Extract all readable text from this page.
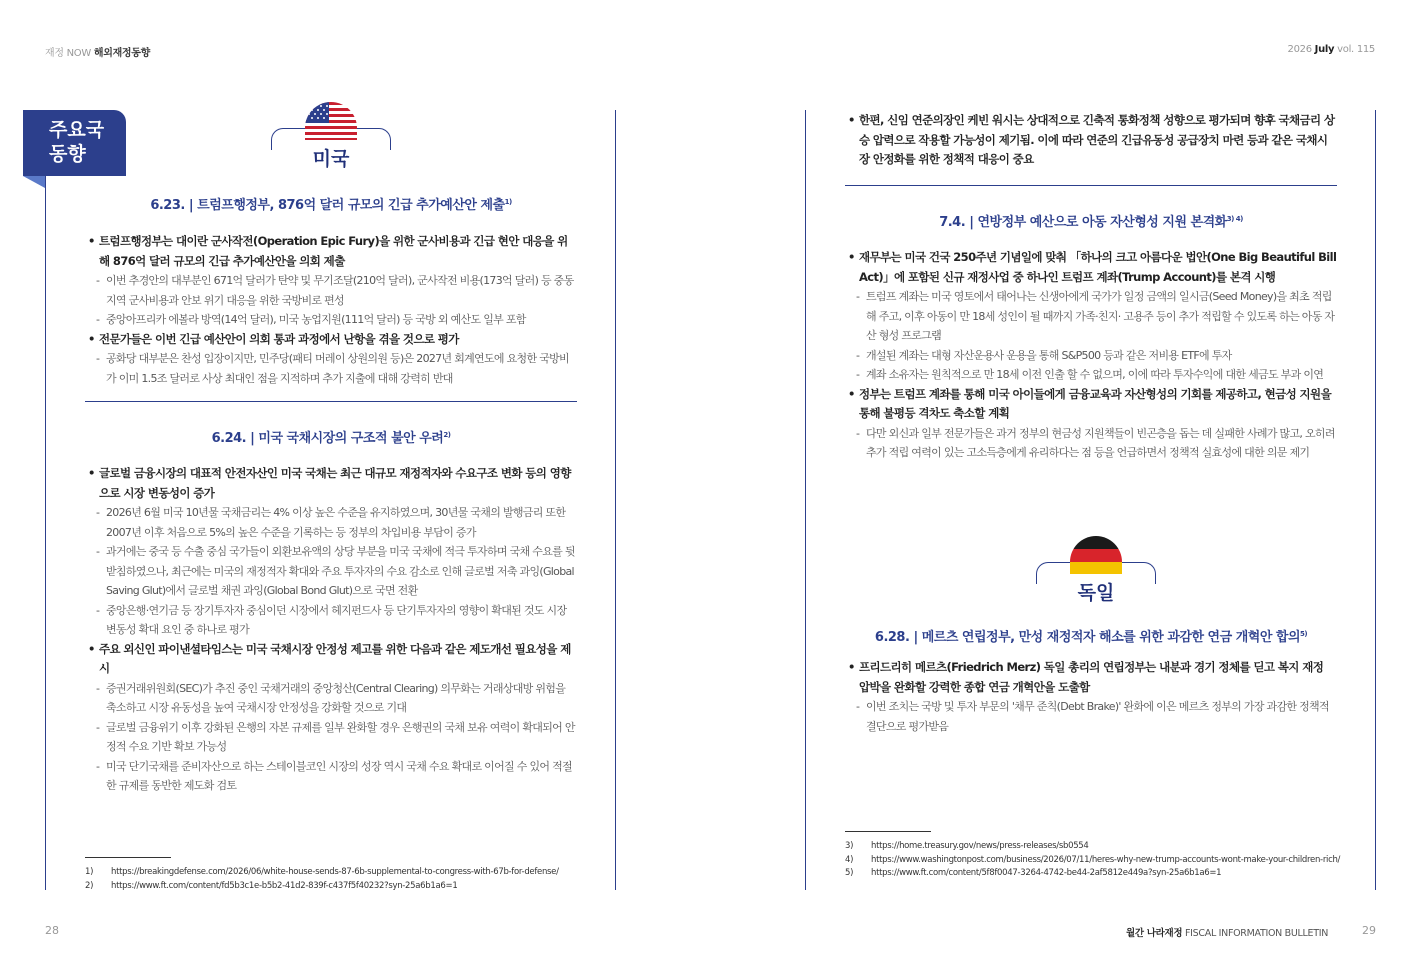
재정 NOW 해외재정동향	2026 July vol. 115
주요국
동향	미국
6.23. | 트럼프행정부, 876억 달러 규모의 긴급 추가예산안 제출$^{1)}$

• 트럼프행정부는 대이란 군사작전(Operation Epic Fury)을 위한 군사비용과 긴급 현안 대응을 위해 876억 달러 규모의 긴급 추가예산안을 의회 제출

- 이번 추경안의 대부분인 671억 달러가 탄약 및 무기조달(210억 달러), 군사작전 비용(173억 달러) 등 중동 지역 군사비용과 안보 위기 대응을 위한 국방비로 편성

- 중앙아프리카 에볼라 방역(14억 달러), 미국 농업지원(111억 달러) 등 국방 외 예산도 일부 포함

• 전문가들은 이번 긴급 예산안이 의회 통과 과정에서 난항을 겪을 것으로 평가

- 공화당 대부분은 찬성 입장이지만, 민주당(패티 머레이 상원의원 등)은 2027년 회계연도에 요청한 국방비가 이미 1.5조 달러로 사상 최대인 점을 지적하며 추가 지출에 대해 강력히 반대

6.24. | 미국 국채시장의 구조적 불안 우려$^{2)}$

• 글로벌 금융시장의 대표적 안전자산인 미국 국채는 최근 대규모 재정적자와 수요구조 변화 등의 영향으로 시장 변동성이 증가

- 2026년 6월 미국 10년물 국채금리는 4% 이상 높은 수준을 유지하였으며, 30년물 국채의 발행금리 또한 2007년 이후 처음으로 5%의 높은 수준을 기록하는 등 정부의 차입비용 부담이 증가

- 과거에는 중국 등 수출 중심 국가들이 외환보유액의 상당 부분을 미국 국채에 적극 투자하며 국채 수요를 뒷받침하였으나, 최근에는 미국의 재정적자 확대와 주요 투자자의 수요 감소로 인해 글로벌 저축 과잉(Global Saving Glut)에서 글로벌 채권 과잉(Global Bond Glut)으로 국면 전환

- 중앙은행·연기금 등 장기투자자 중심이던 시장에서 헤지펀드사 등 단기투자자의 영향이 확대된 것도 시장 변동성 확대 요인 중 하나로 평가

• 주요 외신인 파이낸셜타임스는 미국 국채시장 안정성 제고를 위한 다음과 같은 제도개선 필요성을 제시

- 증권거래위원회(SEC)가 추진 중인 국채거래의 중앙청산(Central Clearing) 의무화는 거래상대방 위험을 축소하고 시장 유동성을 높여 국채시장 안정성을 강화할 것으로 기대

- 글로벌 금융위기 이후 강화된 은행의 자본 규제를 일부 완화할 경우 은행권의 국채 보유 여력이 확대되어 안정적 수요 기반 확보 가능성

- 미국 단기국채를 준비자산으로 하는 스테이블코인 시장의 성장 역시 국채 수요 확대로 이어질 수 있어 적절한 규제를 동반한 제도화 검토

1) https://breakingdefense.com/2026/06/white-house-sends-87-6b-supplemental-to-congress-with-67b-for-defense/
2) https://www.ft.com/content/fd5b3c1e-b5b2-41d2-839f-c437f5f40232?syn-25a6b1a6=1

• 한편, 신임 연준의장인 케빈 워시는 상대적으로 긴축적 통화정책 성향으로 평가되며 향후 국채금리 상승 압력으로 작용할 가능성이 제기됨. 이에 따라 연준의 긴급유동성 공급장치 마련 등과 같은 국채시장 안정화를 위한 정책적 대응이 중요

7.4. | 연방정부 예산으로 아동 자산형성 지원 본격화$^{3) 4)}$

• 재무부는 미국 건국 250주년 기념일에 맞춰 「하나의 크고 아름다운 법안(One Big Beautiful Bill Act)」에 포함된 신규 재정사업 중 하나인 트럼프 계좌(Trump Account)를 본격 시행

- 트럼프 계좌는 미국 영토에서 태어나는 신생아에게 국가가 일정 금액의 일시금(Seed Money)을 최초 적립해 주고, 이후 아동이 만 18세 성인이 될 때까지 가족·친지· 고용주 등이 추가 적립할 수 있도록 하는 아동 자산 형성 프로그램

- 개설된 계좌는 대형 자산운용사 운용을 통해 S&P500 등과 같은 저비용 ETF에 투자

- 계좌 소유자는 원칙적으로 만 18세 이전 인출 할 수 없으며, 이에 따라 투자수익에 대한 세금도 부과 이연

• 정부는 트럼프 계좌를 통해 미국 아이들에게 금융교육과 자산형성의 기회를 제공하고, 현금성 지원을 통해 불평등 격차도 축소할 계획

- 다만 외신과 일부 전문가들은 과거 정부의 현금성 지원책들이 빈곤층을 돕는 데 실패한 사례가 많고, 오히려 추가 적립 여력이 있는 고소득층에게 유리하다는 점 등을 언급하면서 정책적 실효성에 대한 의문 제기

독일
6.28. | 메르츠 연립정부, 만성 재정적자 해소를 위한 과감한 연금 개혁안 합의$^{5)}$

• 프리드리히 메르츠(Friedrich Merz) 독일 총리의 연립정부는 내분과 경기 정체를 딛고 복지 재정 압박을 완화할 강력한 종합 연금 개혁안을 도출함

- 이번 조치는 국방 및 투자 부문의 '채무 준칙(Debt Brake)' 완화에 이은 메르츠 정부의 가장 과감한 정책적 결단으로 평가받음

3) https://home.treasury.gov/news/press-releases/sb0554
4) https://www.washingtonpost.com/business/2026/07/11/heres-why-new-trump-accounts-wont-make-your-children-rich/
5) https://www.ft.com/content/5f8f0047-3264-4742-be44-2af5812e449a?syn-25a6b1a6=1
28	월간 나라재정 FISCAL INFORMATION BULLETIN	29
